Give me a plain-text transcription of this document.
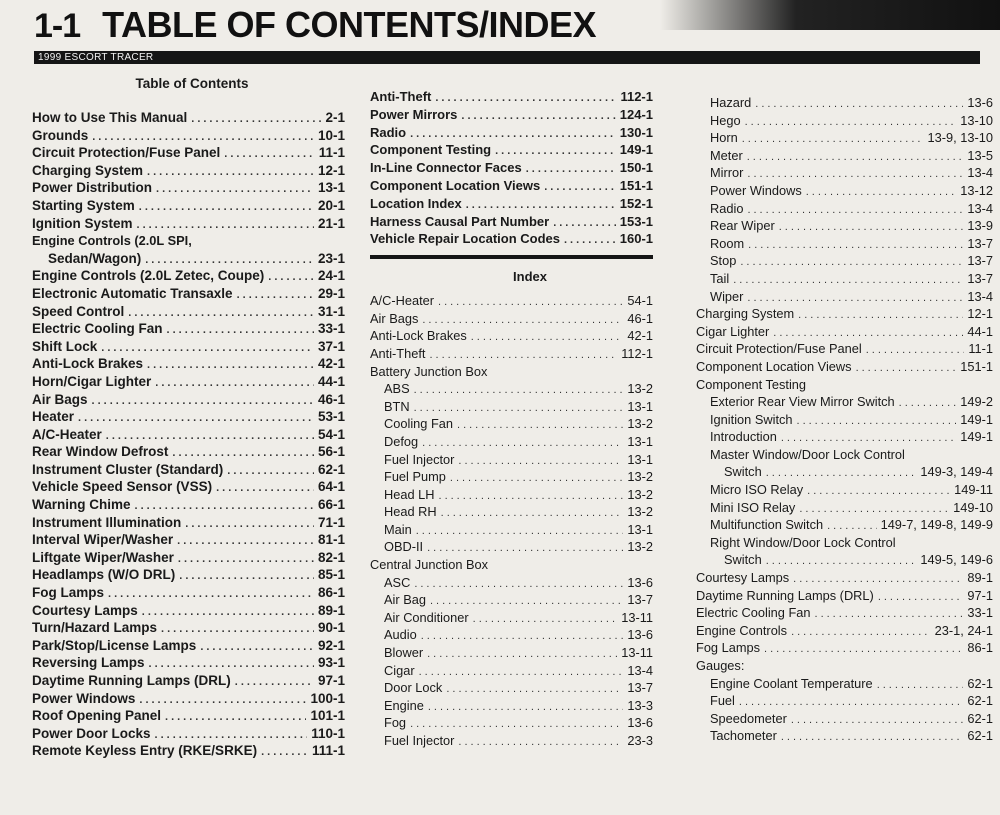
1-1 TABLE OF CONTENTS/INDEX
1999 ESCORT TRACER
Table of Contents
How to Use This Manual .....	2-1
Grounds .....	10-1
Circuit Protection/Fuse Panel .....	11-1
Charging System .....	12-1
Power Distribution .....	13-1
Starting System .....	20-1
Ignition System .....	21-1
Engine Controls (2.0L SPI,
Sedan/Wagon) .....	23-1
Engine Controls (2.0L Zetec, Coupe) .....	24-1
Electronic Automatic Transaxle .....	29-1
Speed Control .....	31-1
Electric Cooling Fan .....	33-1
Shift Lock .....	37-1
Anti-Lock Brakes .....	42-1
Horn/Cigar Lighter .....	44-1
Air Bags .....	46-1
Heater .....	53-1
A/C-Heater .....	54-1
Rear Window Defrost .....	56-1
Instrument Cluster (Standard) .....	62-1
Vehicle Speed Sensor (VSS) .....	64-1
Warning Chime .....	66-1
Instrument Illumination .....	71-1
Interval Wiper/Washer .....	81-1
Liftgate Wiper/Washer .....	82-1
Headlamps (W/O DRL) .....	85-1
Fog Lamps .....	86-1
Courtesy Lamps .....	89-1
Turn/Hazard Lamps .....	90-1
Park/Stop/License Lamps .....	92-1
Reversing Lamps .....	93-1
Daytime Running Lamps (DRL) .....	97-1
Power Windows .....	100-1
Roof Opening Panel .....	101-1
Power Door Locks .....	110-1
Remote Keyless Entry (RKE/SRKE) .....	111-1
Anti-Theft .....	112-1
Power Mirrors .....	124-1
Radio .....	130-1
Component Testing .....	149-1
In-Line Connector Faces .....	150-1
Component Location Views .....	151-1
Location Index .....	152-1
Harness Causal Part Number .....	153-1
Vehicle Repair Location Codes .....	160-1
Index
A/C-Heater .....	54-1
Air Bags .....	46-1
Anti-Lock Brakes .....	42-1
Anti-Theft .....	112-1
Battery Junction Box
ABS .....	13-2
BTN .....	13-1
Cooling Fan .....	13-2
Defog .....	13-1
Fuel Injector .....	13-1
Fuel Pump .....	13-2
Head LH .....	13-2
Head RH .....	13-2
Main .....	13-1
OBD-II .....	13-2
Central Junction Box
ASC .....	13-6
Air Bag .....	13-7
Air Conditioner .....	13-11
Audio .....	13-6
Blower .....	13-11
Cigar .....	13-4
Door Lock .....	13-7
Engine .....	13-3
Fog .....	13-6
Fuel Injector .....	23-3
Hazard .....	13-6
Hego .....	13-10
Horn .....	13-9, 13-10
Meter .....	13-5
Mirror .....	13-4
Power Windows .....	13-12
Radio .....	13-4
Rear Wiper .....	13-9
Room .....	13-7
Stop .....	13-7
Tail .....	13-7
Wiper .....	13-4
Charging System .....	12-1
Cigar Lighter .....	44-1
Circuit Protection/Fuse Panel .....	11-1
Component Location Views .....	151-1
Component Testing
Exterior Rear View Mirror Switch .....	149-2
Ignition Switch .....	149-1
Introduction .....	149-1
Master Window/Door Lock Control
Switch .....	149-3, 149-4
Micro ISO Relay .....	149-11
Mini ISO Relay .....	149-10
Multifunction Switch .....	149-7, 149-8, 149-9
Right Window/Door Lock Control
Switch .....	149-5, 149-6
Courtesy Lamps .....	89-1
Daytime Running Lamps (DRL) .....	97-1
Electric Cooling Fan .....	33-1
Engine Controls .....	23-1, 24-1
Fog Lamps .....	86-1
Gauges:
Engine Coolant Temperature .....	62-1
Fuel .....	62-1
Speedometer .....	62-1
Tachometer .....	62-1
